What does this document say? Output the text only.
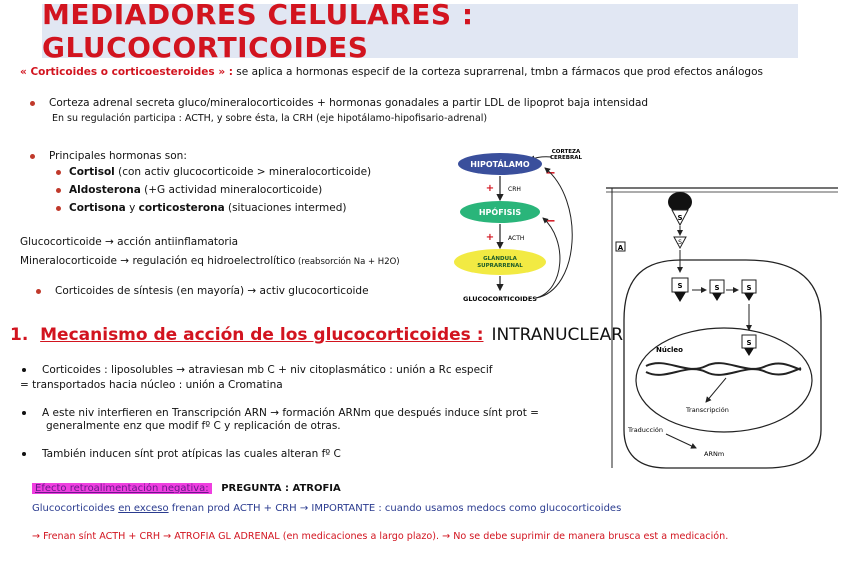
MEDIADORES CELULARES : GLUCOCORTICOIDES
« Corticoides o corticoesteroides » : se aplica a hormonas especif de la corteza suprarrenal, tmbn a fármacos que prod efectos análogos
Corteza adrenal secreta gluco/mineralocorticoides + hormonas gonadales a partir LDL de lipoprot baja intensidad
En su regulación participa : ACTH, y sobre ésta, la CRH (eje hipotálamo-hipofisario-adrenal)
Principales hormonas son:
Cortisol (con activ glucocorticoide > mineralocorticoide)
Aldosterona (+G actividad mineralocorticoide)
Cortisona y corticosterona (situaciones intermed)
Glucocorticoide → acción antiinflamatoria
Mineralocorticoide → regulación eq hidroelectrolítico (reabsorción Na + H2O)
Corticoides de síntesis (en mayoría) → activ glucocorticoide
1. Mecanismo de acción de los glucocorticoides : INTRANUCLEAR
Corticoides : liposolubles → atraviesan mb C + niv citoplasmático : unión a Rc especif
= transportados hacia núcleo : unión a Cromatina
A este niv interfieren en Transcripción ARN → formación ARNm que después induce sínt prot =
generalmente enz que modif fº C y replicación de otras.
También inducen sínt prot atípicas las cuales alteran fº C
Efecto retroalimentación negativa: PREGUNTA : ATROFIA
Glucocorticoides en exceso frenan prod ACTH + CRH → IMPORTANTE : cuando usamos medocs como glucocorticoides
→ Frenan sínt ACTH + CRH → ATROFIA GL ADRENAL (en medicaciones a largo plazo). → No se debe suprimir de manera brusca est a medicación.
CORTEZA
CEREBRAL
HIPOTÁLAMO
−
+ CRH
HPÓFISIS
−
+ ACTH
GLÁNDULA
SUPRARRENAL
GLUCOCORTICOIDES
A
S
S
S	S	S
Núcleo
S
Transcripción
Traducción
ARNm
